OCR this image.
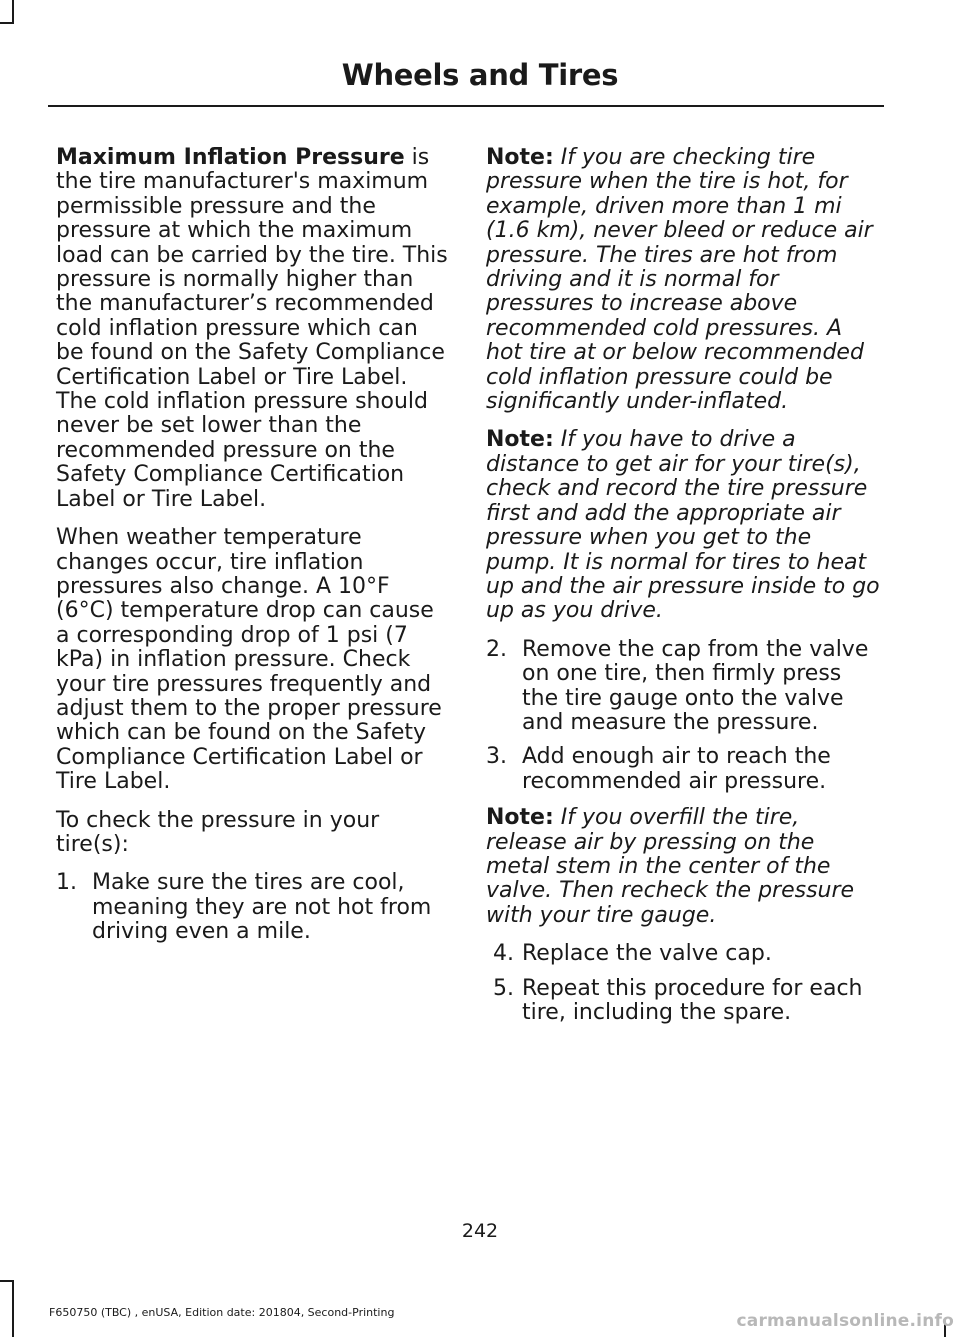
Wheels and Tires

Maximum Inflation Pressure is the tire manufacturer's maximum permissible pressure and the pressure at which the maximum load can be carried by the tire. This pressure is normally higher than the manufacturer’s recommended cold inflation pressure which can be found on the Safety Compliance Certification Label or Tire Label. The cold inflation pressure should never be set lower than the recommended pressure on the Safety Compliance Certification Label or Tire Label.

When weather temperature changes occur, tire inflation pressures also change. A 10°F (6°C) temperature drop can cause a corresponding drop of 1 psi (7 kPa) in inflation pressure. Check your tire pressures frequently and adjust them to the proper pressure which can be found on the Safety Compliance Certification Label or Tire Label.

To check the pressure in your tire(s):

1. Make sure the tires are cool, meaning they are not hot from driving even a mile.

Note: If you are checking tire pressure when the tire is hot, for example, driven more than 1 mi (1.6 km), never bleed or reduce air pressure. The tires are hot from driving and it is normal for pressures to increase above recommended cold pressures. A hot tire at or below recommended cold inflation pressure could be significantly under-inflated.

Note: If you have to drive a distance to get air for your tire(s), check and record the tire pressure first and add the appropriate air pressure when you get to the pump. It is normal for tires to heat up and the air pressure inside to go up as you drive.

2. Remove the cap from the valve on one tire, then firmly press the tire gauge onto the valve and measure the pressure.
3. Add enough air to reach the recommended air pressure.

Note: If you overfill the tire, release air by pressing on the metal stem in the center of the valve. Then recheck the pressure with your tire gauge.

4. Replace the valve cap.
5. Repeat this procedure for each tire, including the spare.
242
F650750 (TBC) , enUSA, Edition date: 201804, Second-Printing	carmanualsonline.info
